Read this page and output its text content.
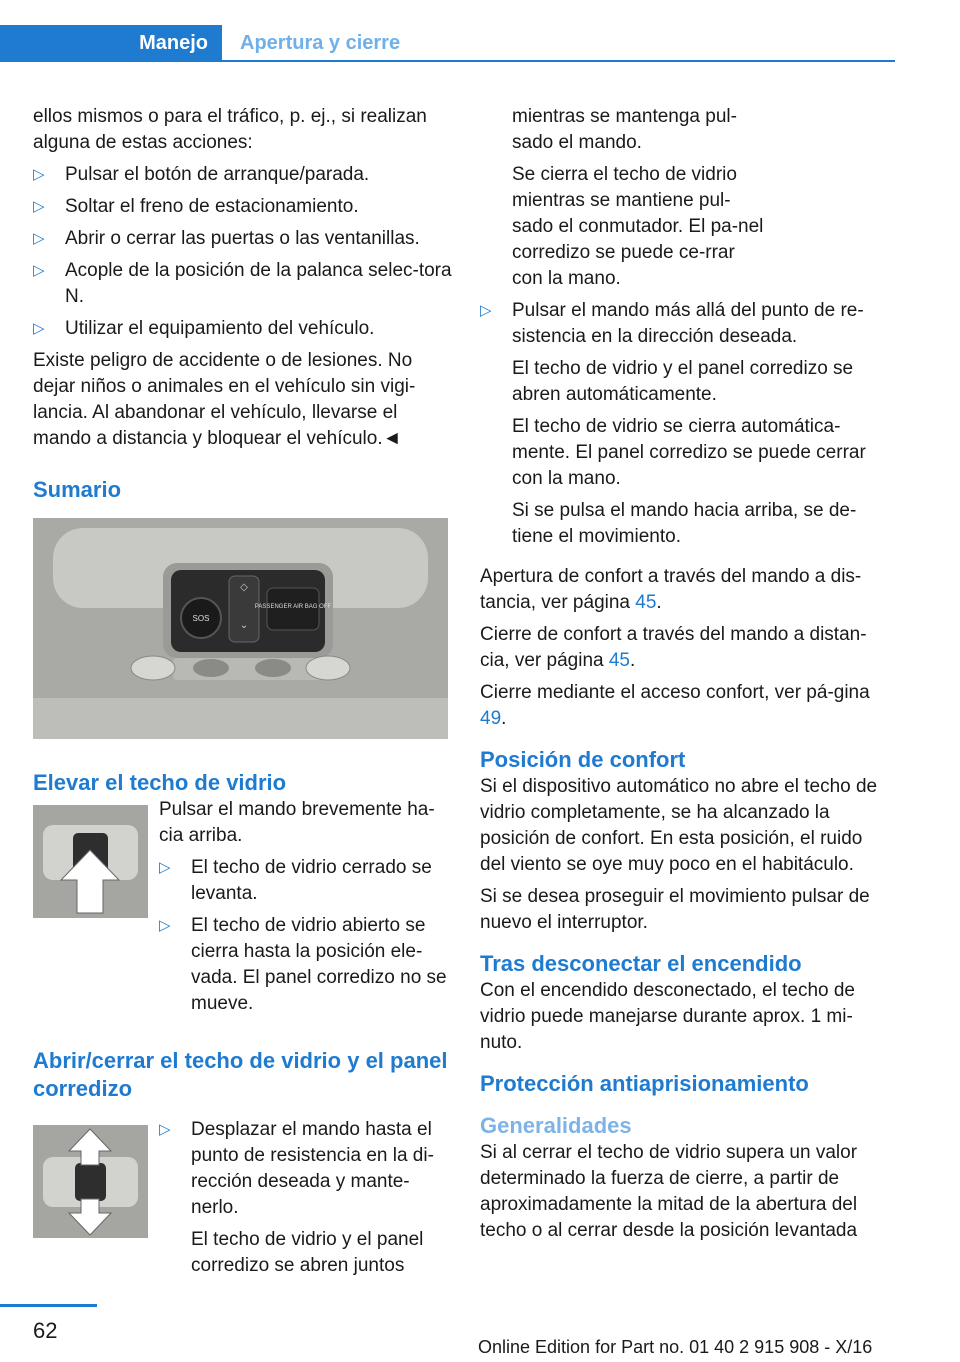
Manejo	Apertura y cierre

ellos mismos o para el tráfico, p. ej., si realizan alguna de estas acciones:

▷ Pulsar el botón de arranque/parada.
▷ Soltar el freno de estacionamiento.
▷ Abrir o cerrar las puertas o las ventanillas.
▷ Acople de la posición de la palanca selec‐tora N.
▷ Utilizar el equipamiento del vehículo.

Existe peligro de accidente o de lesiones. No dejar niños o animales en el vehículo sin vigi‐lancia. Al abandonar el vehículo, llevarse el mando a distancia y bloquear el vehículo.◄

Sumario
SOS
◇
⌄
PASSENGER AIR BAG OFF
Elevar el techo de vidrio

Pulsar el mando brevemente ha‐cia arriba.

▷ El techo de vidrio cerrado se levanta.
▷ El techo de vidrio abierto se cierra hasta la posición ele‐vada. El panel corredizo no se mueve.
Abrir/cerrar el techo de vidrio y el panel corredizo
▷ Desplazar el mando hasta el punto de resistencia en la di‐rección deseada y mante‐nerlo.

El techo de vidrio y el panel corredizo se abren juntos

mientras se mantenga pul‐sado el mando.

Se cierra el techo de vidrio mientras se mantiene pul‐sado el conmutador. El pa‐nel corredizo se puede ce‐rrar con la mano.

▷ Pulsar el mando más allá del punto de re‐sistencia en la dirección deseada.

El techo de vidrio y el panel corredizo se abren automáticamente.

El techo de vidrio se cierra automática‐mente. El panel corredizo se puede cerrar con la mano.

Si se pulsa el mando hacia arriba, se de‐tiene el movimiento.

Apertura de confort a través del mando a dis‐tancia, ver página 45.

Cierre de confort a través del mando a distan‐cia, ver página 45.

Cierre mediante el acceso confort, ver pá‐gina 49.

Posición de confort

Si el dispositivo automático no abre el techo de vidrio completamente, se ha alcanzado la posición de confort. En esta posición, el ruido del viento se oye muy poco en el habitáculo.

Si se desea proseguir el movimiento pulsar de nuevo el interruptor.

Tras desconectar el encendido

Con el encendido desconectado, el techo de vidrio puede manejarse durante aprox. 1 mi‐nuto.

Protección antiaprisionamiento
Generalidades

Si al cerrar el techo de vidrio supera un valor determinado la fuerza de cierre, a partir de aproximadamente la mitad de la abertura del techo o al cerrar desde la posición levantada

62
Online Edition for Part no. 01 40 2 915 908 - X/16
